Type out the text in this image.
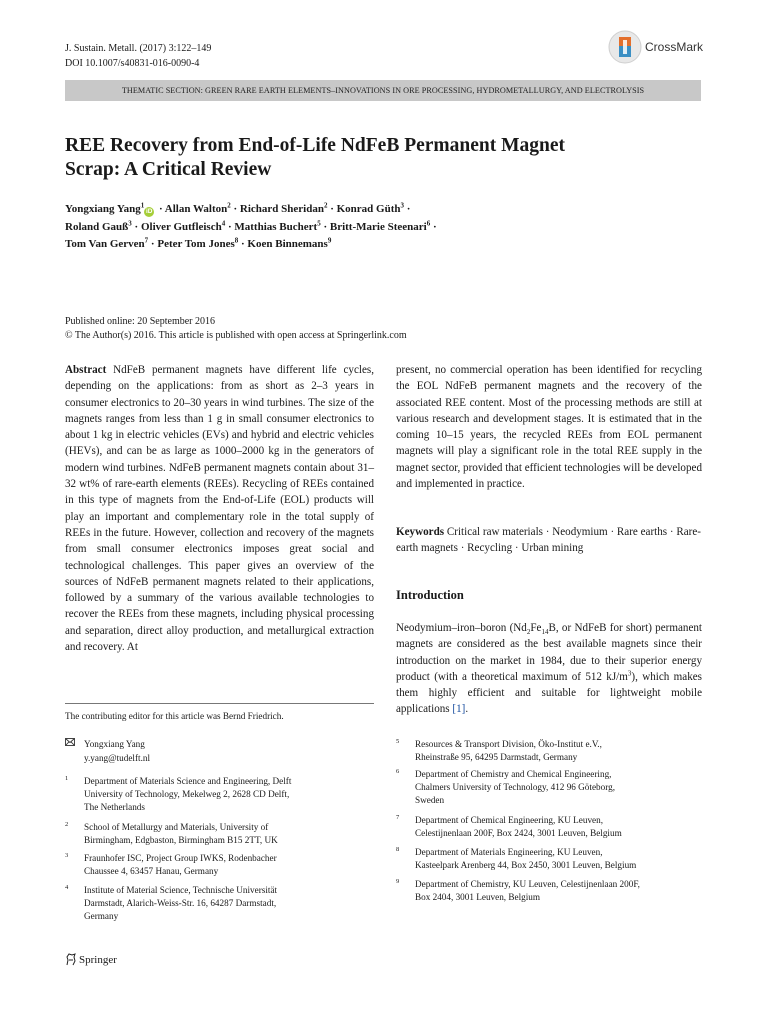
J. Sustain. Metall. (2017) 3:122–149
DOI 10.1007/s40831-016-0090-4
CrossMark
THEMATIC SECTION: GREEN RARE EARTH ELEMENTS–INNOVATIONS IN ORE PROCESSING, HYDROMETALLURGY, AND ELECTROLYSIS
REE Recovery from End-of-Life NdFeB Permanent Magnet
Scrap: A Critical Review
Yongxiang Yang$^1$iD · Allan Walton$^2$ · Richard Sheridan$^2$ · Konrad Güth$^3$ ·
Roland Gauß$^3$ · Oliver Gutfleisch$^4$ · Matthias Buchert$^5$ · Britt-Marie Steenari$^6$ ·
Tom Van Gerven$^7$ · Peter Tom Jones$^8$ · Koen Binnemans$^9$
Published online: 20 September 2016
© The Author(s) 2016. This article is published with open access at Springerlink.com
Abstract NdFeB permanent magnets have different life cycles, depending on the applications: from as short as 2–3 years in consumer electronics to 20–30 years in wind turbines. The size of the magnets ranges from less than 1 g in small consumer electronics to about 1 kg in electric vehicles (EVs) and hybrid and electric vehicles (HEVs), and can be as large as 1000–2000 kg in the generators of modern wind turbines. NdFeB permanent magnets contain about 31–32 wt% of rare-earth elements (REEs). Recycling of REEs contained in this type of magnets from the End-of-Life (EOL) products will play an important and complementary role in the total supply of REEs in the future. However, collection and recovery of the magnets from small consumer electronics imposes great social and technological challenges. This paper gives an overview of the sources of NdFeB permanent magnets related to their applications, followed by a summary of the various available technologies to recover the REEs from these magnets, including physical processing and separation, direct alloy production, and metallurgical extraction and recovery. At
present, no commercial operation has been identified for recycling the EOL NdFeB permanent magnets and the recovery of the associated REE content. Most of the processing methods are still at various research and development stages. It is estimated that in the coming 10–15 years, the recycled REEs from EOL permanent magnets will play a significant role in the total REE supply in the magnet sector, provided that efficient technologies will be developed and implemented in practice.
Keywords Critical raw materials · Neodymium · Rare earths · Rare-earth magnets · Recycling · Urban mining
Introduction
Neodymium–iron–boron ($Nd_2Fe_{14}B$, or NdFeB for short) permanent magnets are considered as the best available magnets since their introduction on the market in 1984, due to their superior energy product (with a theoretical maximum of 512 $kJ/m^3$), which makes them highly efficient and suitable for lightweight mobile applications [1].
The contributing editor for this article was Bernd Friedrich.
Yongxiang Yang
y.yang@tudelft.nl
1 Department of Materials Science and Engineering, Delft
University of Technology, Mekelweg 2, 2628 CD Delft,
The Netherlands
2 School of Metallurgy and Materials, University of
Birmingham, Edgbaston, Birmingham B15 2TT, UK
3 Fraunhofer ISC, Project Group IWKS, Rodenbacher
Chaussee 4, 63457 Hanau, Germany
4 Institute of Material Science, Technische Universität
Darmstadt, Alarich-Weiss-Str. 16, 64287 Darmstadt,
Germany
5 Resources & Transport Division, Öko-Institut e.V.,
Rheinstraße 95, 64295 Darmstadt, Germany
6 Department of Chemistry and Chemical Engineering,
Chalmers University of Technology, 412 96 Göteborg,
Sweden
7 Department of Chemical Engineering, KU Leuven,
Celestijnenlaan 200F, Box 2424, 3001 Leuven, Belgium
8 Department of Materials Engineering, KU Leuven,
Kasteelpark Arenberg 44, Box 2450, 3001 Leuven, Belgium
9 Department of Chemistry, KU Leuven, Celestijnenlaan 200F,
Box 2404, 3001 Leuven, Belgium
Springer
